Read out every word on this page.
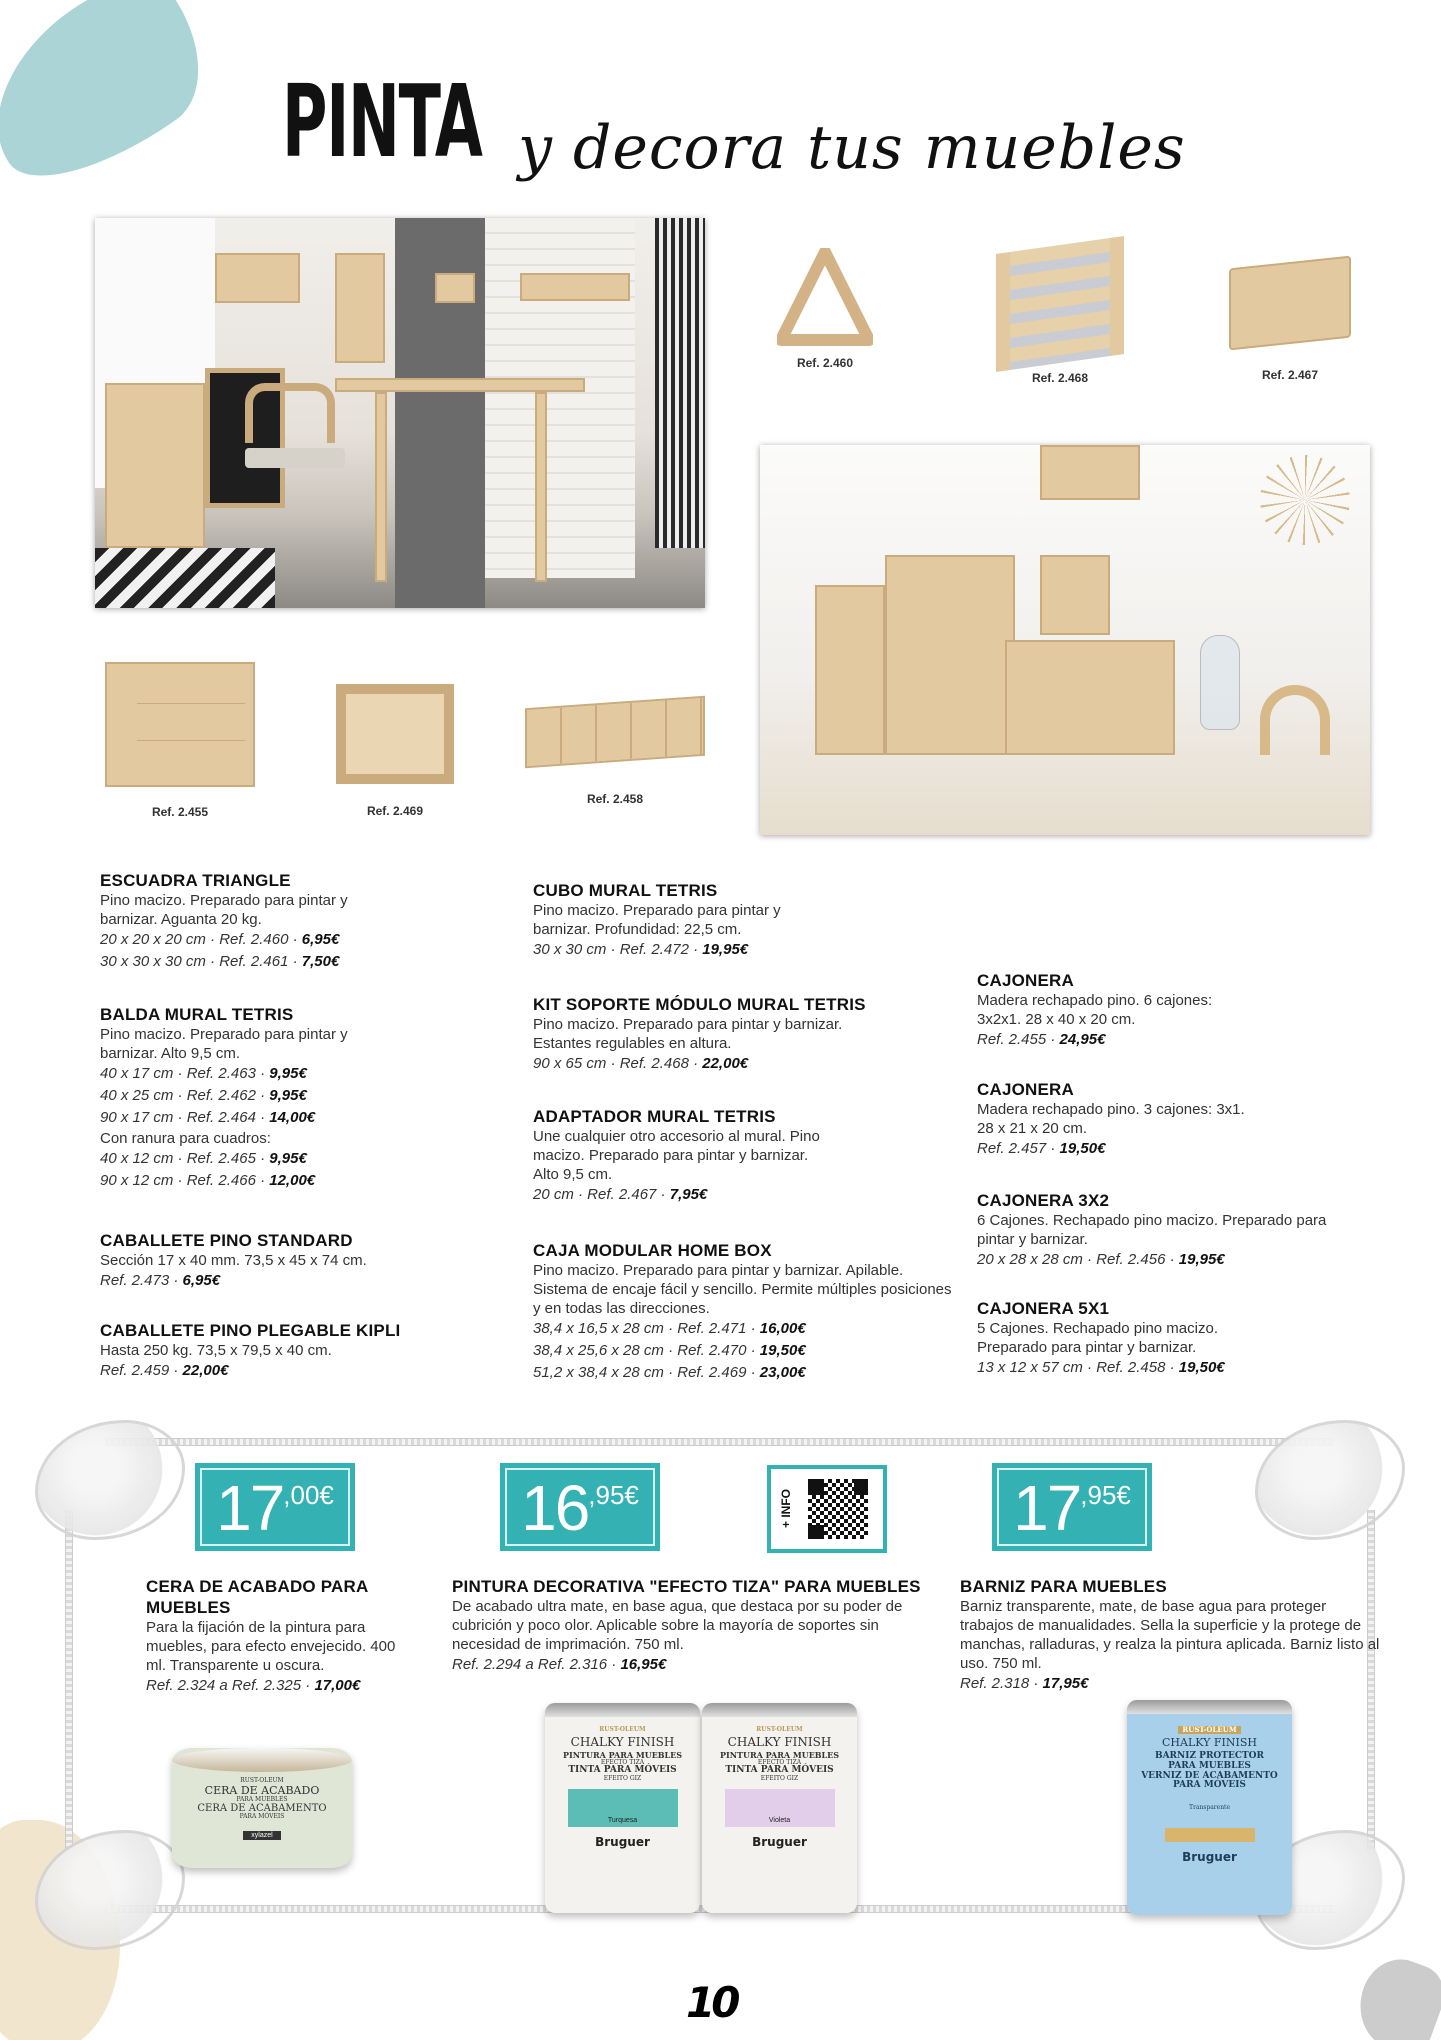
PINTA y decora tus muebles
Ref. 2.460
Ref. 2.468	Ref. 2.467
Ref. 2.455	Ref. 2.469
Ref. 2.458
ESCUADRA TRIANGLE

Pino macizo. Preparado para pintar y barnizar. Aguanta 20 kg.

20 x 20 x 20 cm · Ref. 2.460 · 6,95€
30 x 30 x 30 cm · Ref. 2.461 · 7,50€
BALDA MURAL TETRIS

Pino macizo. Preparado para pintar y barnizar. Alto 9,5 cm.

40 x 17 cm · Ref. 2.463 · 9,95€
40 x 25 cm · Ref. 2.462 · 9,95€
90 x 17 cm · Ref. 2.464 · 14,00€

Con ranura para cuadros:

40 x 12 cm · Ref. 2.465 · 9,95€
90 x 12 cm · Ref. 2.466 · 12,00€
CABALLETE PINO STANDARD

Sección 17 x 40 mm. 73,5 x 45 x 74 cm.

Ref. 2.473 · 6,95€
CABALLETE PINO PLEGABLE KIPLI

Hasta 250 kg. 73,5 x 79,5 x 40 cm.

Ref. 2.459 · 22,00€
CUBO MURAL TETRIS

Pino macizo. Preparado para pintar y barnizar. Profundidad: 22,5 cm.

30 x 30 cm · Ref. 2.472 · 19,95€
KIT SOPORTE MÓDULO MURAL TETRIS

Pino macizo. Preparado para pintar y barnizar. Estantes regulables en altura.

90 x 65 cm · Ref. 2.468 · 22,00€
ADAPTADOR MURAL TETRIS

Une cualquier otro accesorio al mural. Pino macizo. Preparado para pintar y barnizar. Alto 9,5 cm.

20 cm · Ref. 2.467 · 7,95€
CAJA MODULAR HOME BOX

Pino macizo. Preparado para pintar y barnizar. Apilable. Sistema de encaje fácil y sencillo. Permite múltiples posiciones y en todas las direcciones.

38,4 x 16,5 x 28 cm · Ref. 2.471 · 16,00€
38,4 x 25,6 x 28 cm · Ref. 2.470 · 19,50€
51,2 x 38,4 x 28 cm · Ref. 2.469 · 23,00€
CAJONERA

Madera rechapado pino. 6 cajones: 3x2x1. 28 x 40 x 20 cm.

Ref. 2.455 · 24,95€
CAJONERA

Madera rechapado pino. 3 cajones: 3x1. 28 x 21 x 20 cm.

Ref. 2.457 · 19,50€
CAJONERA 3X2

6 Cajones. Rechapado pino macizo. Preparado para pintar y barnizar.

20 x 28 x 28 cm · Ref. 2.456 · 19,95€
CAJONERA 5X1

5 Cajones. Rechapado pino macizo. Preparado para pintar y barnizar.

13 x 12 x 57 cm · Ref. 2.458 · 19,50€
17 ,00€	16 ,95€	17 ,95€
+ INFO
CERA DE ACABADO PARA MUEBLES

Para la fijación de la pintura para muebles, para efecto envejecido. 400 ml. Transparente u oscura.

Ref. 2.324 a Ref. 2.325 · 17,00€
PINTURA DECORATIVA "EFECTO TIZA" PARA MUEBLES

De acabado ultra mate, en base agua, que destaca por su poder de cubrición y poco olor. Aplicable sobre la mayoría de soportes sin necesidad de imprimación. 750 ml.

Ref. 2.294 a Ref. 2.316 · 16,95€
BARNIZ PARA MUEBLES

Barniz transparente, mate, de base agua para proteger trabajos de manualidades. Sella la superficie y la protege de manchas, ralladuras, y realza la pintura aplicada. Barniz listo al uso. 750 ml.

Ref. 2.318 · 17,95€
RUST-OLEUM
CERA DE ACABADO
PARA MUEBLES
CERA DE ACABAMENTO
PARA MÓVEIS
xylazel
RUST-OLEUM
CHALKY FINISH
PINTURA PARA MUEBLES
EFECTO TIZA
TINTA PARA MÓVEIS
EFEITO GIZ
Turquesa
Bruguer
RUST-OLEUM
CHALKY FINISH
PINTURA PARA MUEBLES
EFECTO TIZA
TINTA PARA MÓVEIS
EFEITO GIZ
Violeta
Bruguer
RUST-OLEUM
CHALKY FINISH
BARNIZ PROTECTOR
PARA MUEBLES
VERNIZ DE ACABAMENTO
PARA MÓVEIS
Transparente
Bruguer
10
